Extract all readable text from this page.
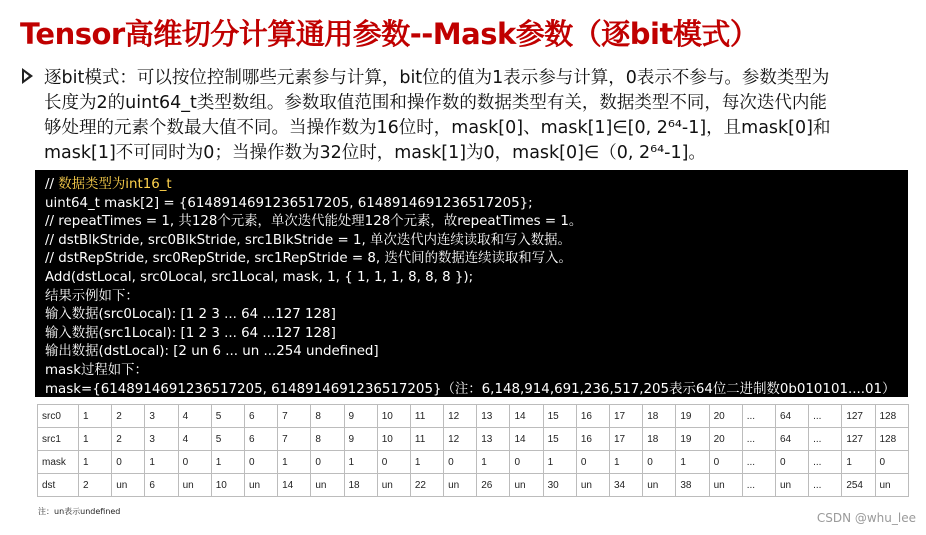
Tensor高维切分计算通用参数--Mask参数（逐bit模式）

逐bit模式：可以按位控制哪些元素参与计算，bit位的值为1表示参与计算，0表示不参与。参数类型为

长度为2的uint64_t类型数组。参数取值范围和操作数的数据类型有关，数据类型不同，每次迭代内能

够处理的元素个数最大值不同。当操作数为16位时，mask[0]、mask[1]∈[0, 2⁶⁴-1]，且mask[0]和

mask[1]不可同时为0；当操作数为32位时，mask[1]为0，mask[0]∈（0, 2⁶⁴-1]。

// 数据类型为int16_t
uint64_t mask[2] = {6148914691236517205, 6148914691236517205};
// repeatTimes = 1, 共128个元素，单次迭代能处理128个元素，故repeatTimes = 1。
// dstBlkStride, src0BlkStride, src1BlkStride = 1, 单次迭代内连续读取和写入数据。
// dstRepStride, src0RepStride, src1RepStride = 8, 迭代间的数据连续读取和写入。
Add(dstLocal, src0Local, src1Local, mask, 1, { 1, 1, 1, 8, 8, 8 });
结果示例如下：
输入数据(src0Local): [1 2 3 ... 64 ...127 128]
输入数据(src1Local): [1 2 3 ... 64 ...127 128]
输出数据(dstLocal): [2 un 6 ... un ...254 undefined]
mask过程如下：
mask={6148914691236517205, 6148914691236517205}（注：6,148,914,691,236,517,205表示64位二进制数0b010101....01）
src0	1	2	3	4	5	6	7	8	9	10	11	12	13	14	15	16	17	18	19	20	...	64	...	127	128
src1	1	2	3	4	5	6	7	8	9	10	11	12	13	14	15	16	17	18	19	20	...	64	...	127	128
mask	1	0	1	0	1	0	1	0	1	0	1	0	1	0	1	0	1	0	1	0	...	0	...	1	0
dst	2	un	6	un	10	un	14	un	18	un	22	un	26	un	30	un	34	un	38	un	...	un	...	254	un
注：un表示undefined	CSDN @whu_lee
